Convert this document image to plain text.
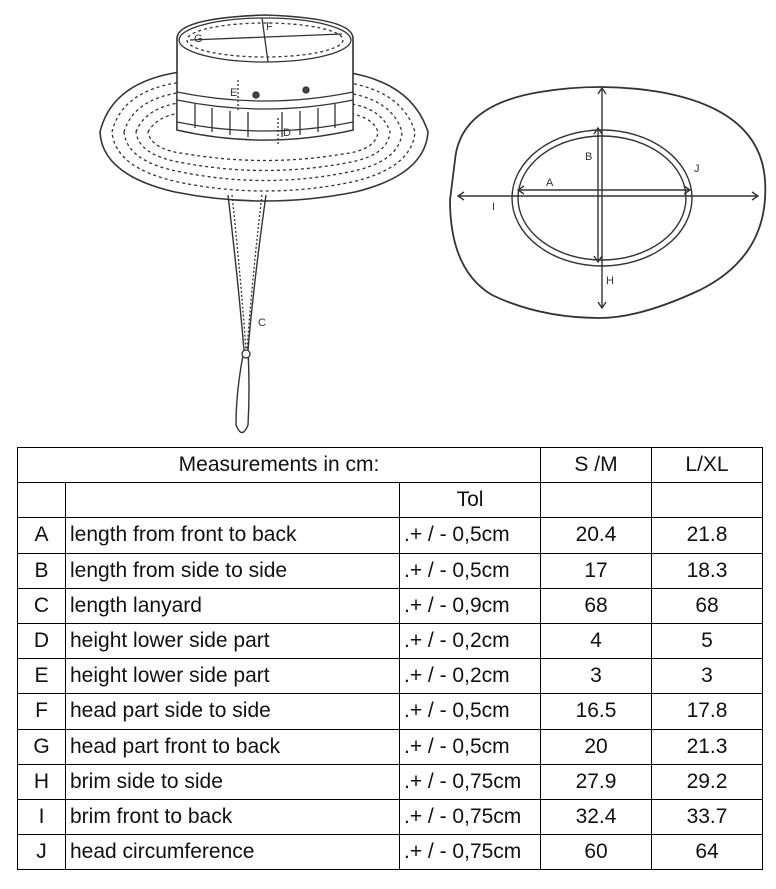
F
G
E
D
C
A
B
H
I
J
Measurements in cm:			S /M	L/XL
		Tol		
A	length from front to back	.+ / - 0,5cm	20.4	21.8
B	length from side to side	.+ / - 0,5cm	17	18.3
C	length lanyard	.+ / - 0,9cm	68	68
D	height lower side part	.+ / - 0,2cm	4	5
E	height lower side part	.+ / - 0,2cm	3	3
F	head part side to side	.+ / - 0,5cm	16.5	17.8
G	head part front to back	.+ / - 0,5cm	20	21.3
H	brim side to side	.+ / - 0,75cm	27.9	29.2
I	brim front to back	.+ / - 0,75cm	32.4	33.7
J	head circumference	.+ / - 0,75cm	60	64
